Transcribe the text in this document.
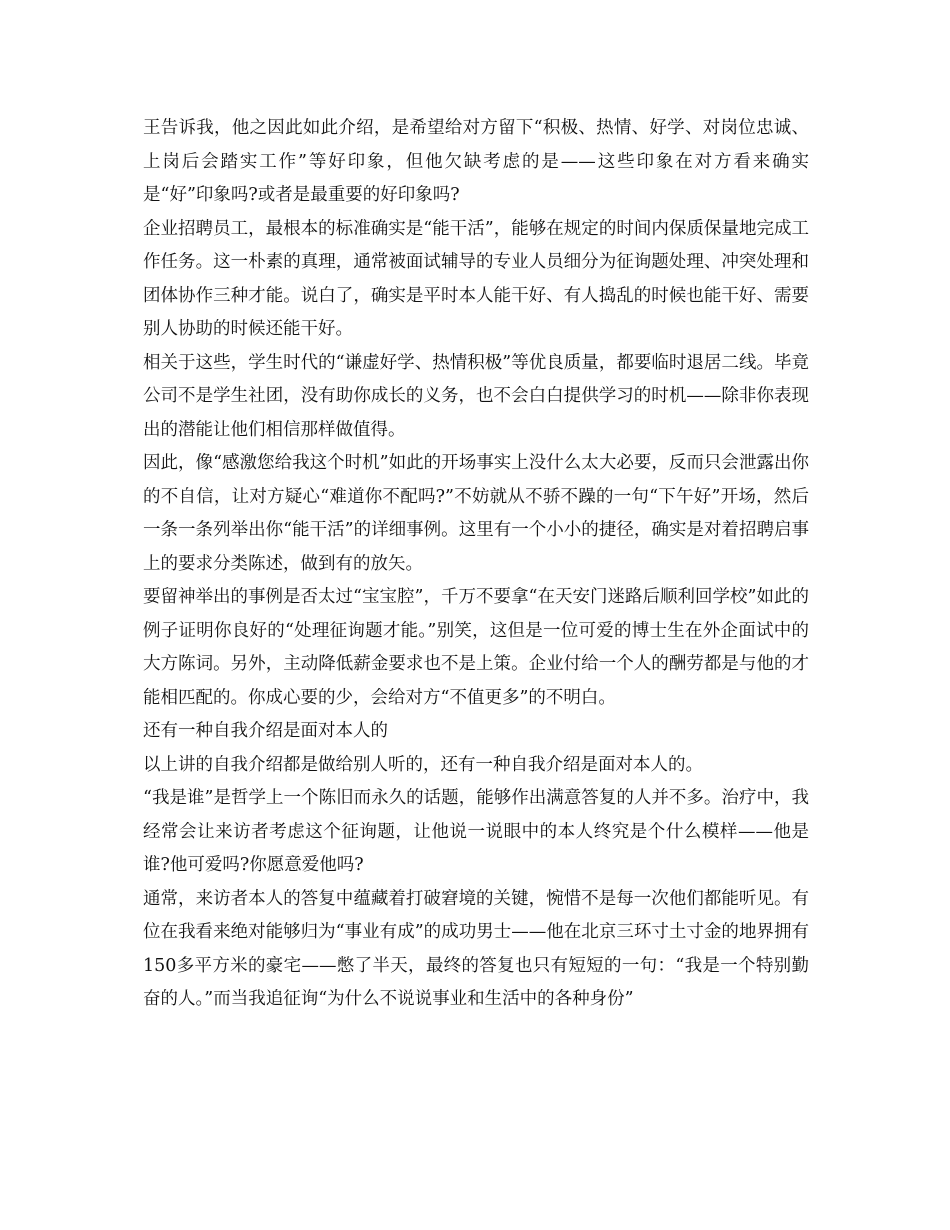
王告诉我，他之因此如此介绍，是希望给对方留下“积极、热情、好学、对岗位忠诚、上岗后会踏实工作”等好印象，但他欠缺考虑的是——这些印象在对方看来确实是“好”印象吗?或者是最重要的好印象吗?

企业招聘员工，最根本的标准确实是“能干活”，能够在规定的时间内保质保量地完成工作任务。这一朴素的真理，通常被面试辅导的专业人员细分为征询题处理、冲突处理和团体协作三种才能。说白了，确实是平时本人能干好、有人捣乱的时候也能干好、需要别人协助的时候还能干好。

相关于这些，学生时代的“谦虚好学、热情积极”等优良质量，都要临时退居二线。毕竟公司不是学生社团，没有助你成长的义务，也不会白白提供学习的时机——除非你表现出的潜能让他们相信那样做值得。

因此，像“感激您给我这个时机”如此的开场事实上没什么太大必要，反而只会泄露出你的不自信，让对方疑心“难道你不配吗?”不妨就从不骄不躁的一句“下午好”开场，然后一条一条列举出你“能干活”的详细事例。这里有一个小小的捷径，确实是对着招聘启事上的要求分类陈述，做到有的放矢。

要留神举出的事例是否太过“宝宝腔”，千万不要拿“在天安门迷路后顺利回学校”如此的例子证明你良好的“处理征询题才能。”别笑，这但是一位可爱的博士生在外企面试中的大方陈词。另外，主动降低薪金要求也不是上策。企业付给一个人的酬劳都是与他的才能相匹配的。你成心要的少，会给对方“不值更多”的不明白。

还有一种自我介绍是面对本人的

以上讲的自我介绍都是做给别人听的，还有一种自我介绍是面对本人的。

“我是谁”是哲学上一个陈旧而永久的话题，能够作出满意答复的人并不多。治疗中，我经常会让来访者考虑这个征询题，让他说一说眼中的本人终究是个什么模样——他是谁?他可爱吗?你愿意爱他吗?

通常，来访者本人的答复中蕴藏着打破窘境的关键，惋惜不是每一次他们都能听见。有位在我看来绝对能够归为“事业有成”的成功男士——他在北京三环寸土寸金的地界拥有150多平方米的豪宅——憋了半天，最终的答复也只有短短的一句：“我是一个特别勤奋的人。”而当我追征询“为什么不说说事业和生活中的各种身份”
